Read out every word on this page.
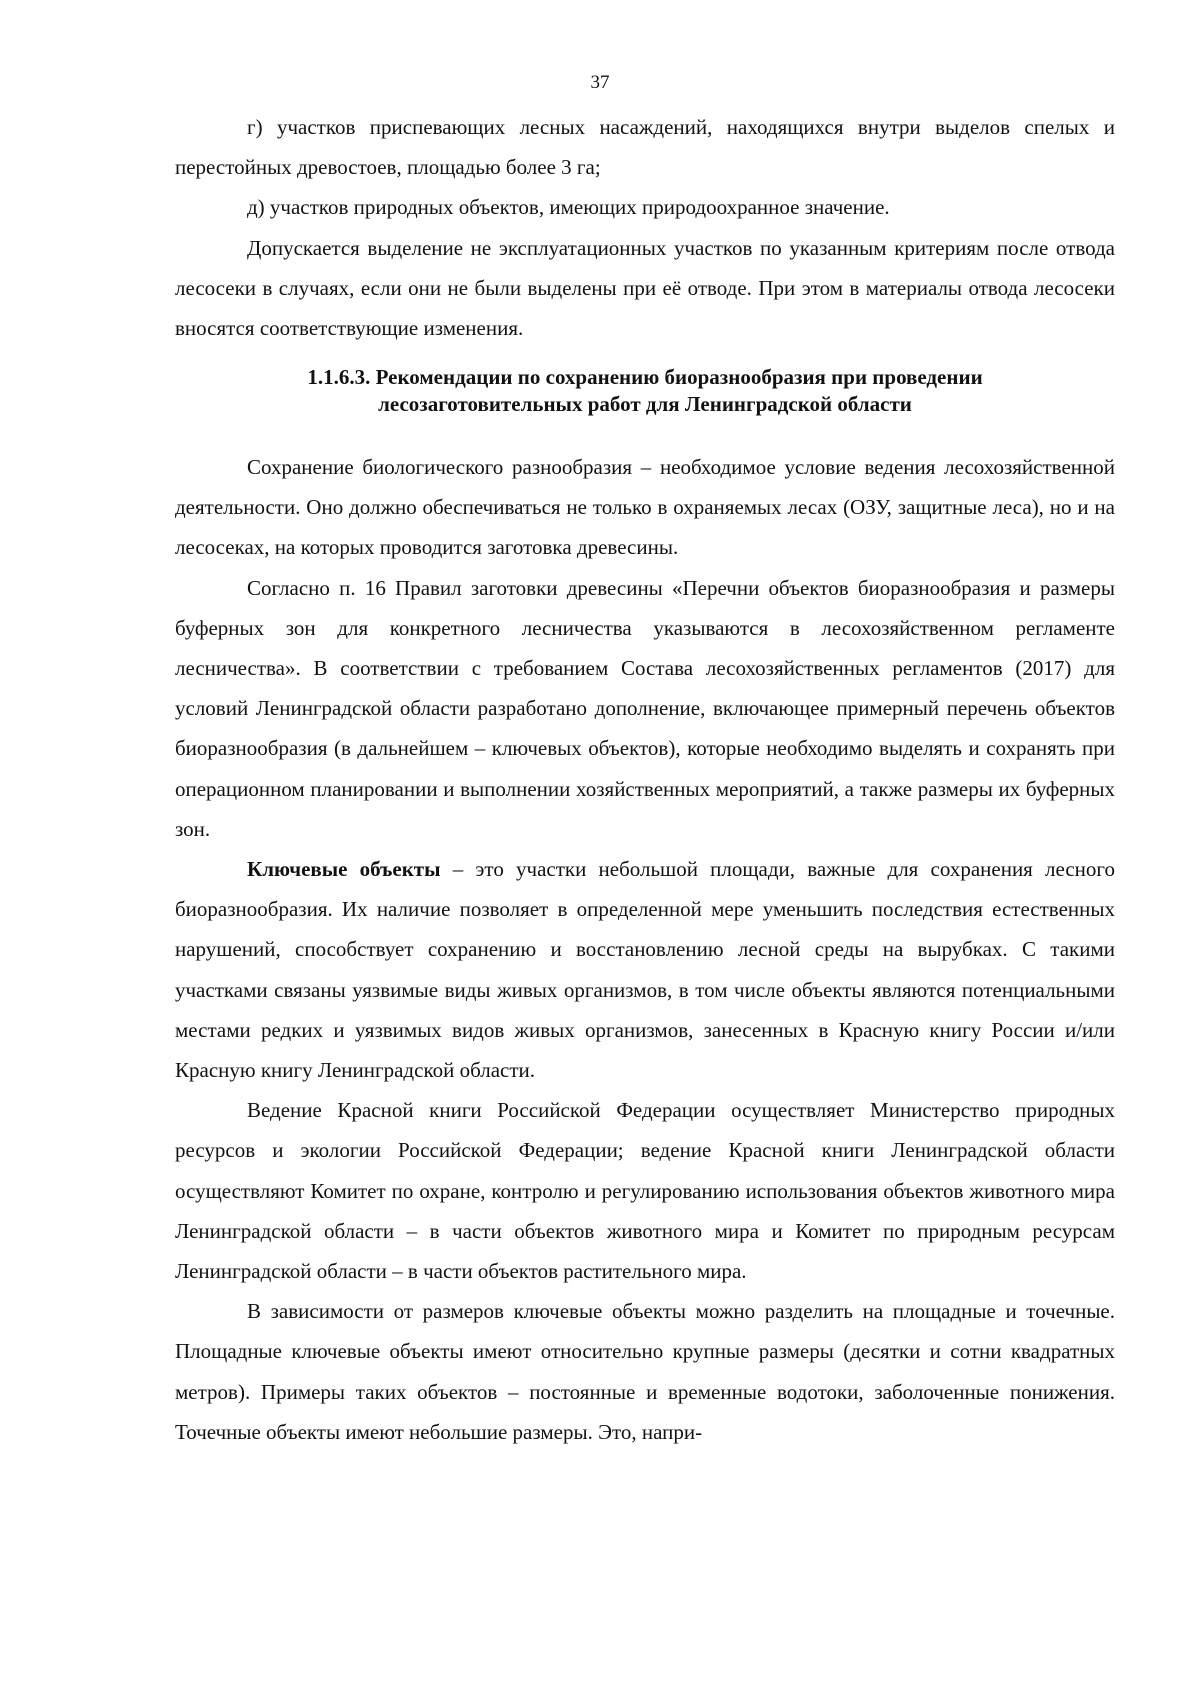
37

г) участков приспевающих лесных насаждений, находящихся внутри выделов спелых и перестойных древостоев, площадью более 3 га;

д) участков природных объектов, имеющих природоохранное значение.

Допускается выделение не эксплуатационных участков по указанным критериям после отвода лесосеки в случаях, если они не были выделены при её отводе. При этом в материалы отвода лесосеки вносятся соответствующие изменения.

1.1.6.3. Рекомендации по сохранению биоразнообразия при проведении
лесозаготовительных работ для Ленинградской области

Сохранение биологического разнообразия – необходимое условие ведения лесохозяйственной деятельности. Оно должно обеспечиваться не только в охраняемых лесах (ОЗУ, защитные леса), но и на лесосеках, на которых проводится заготовка древесины.

Согласно п. 16 Правил заготовки древесины «Перечни объектов биоразнообразия и размеры буферных зон для конкретного лесничества указываются в лесохозяйственном регламенте лесничества». В соответствии с требованием Состава лесохозяйственных регламентов (2017) для условий Ленинградской области разработано дополнение, включающее примерный перечень объектов биоразнообразия (в дальнейшем – ключевых объектов), которые необходимо выделять и сохранять при операционном планировании и выполнении хозяйственных мероприятий, а также размеры их буферных зон.

Ключевые объекты – это участки небольшой площади, важные для сохранения лесного биоразнообразия. Их наличие позволяет в определенной мере уменьшить последствия естественных нарушений, способствует сохранению и восстановлению лесной среды на вырубках. С такими участками связаны уязвимые виды живых организмов, в том числе объекты являются потенциальными местами редких и уязвимых видов живых организмов, занесенных в Красную книгу России и/или Красную книгу Ленинградской области.

Ведение Красной книги Российской Федерации осуществляет Министерство природных ресурсов и экологии Российской Федерации; ведение Красной книги Ленинградской области осуществляют Комитет по охране, контролю и регулированию использования объектов животного мира Ленинградской области – в части объектов животного мира и Комитет по природным ресурсам Ленинградской области – в части объектов растительного мира.

В зависимости от размеров ключевые объекты можно разделить на площадные и точечные. Площадные ключевые объекты имеют относительно крупные размеры (десятки и сотни квадратных метров). Примеры таких объектов – постоянные и временные водотоки, заболоченные понижения. Точечные объекты имеют небольшие размеры. Это, напри-
